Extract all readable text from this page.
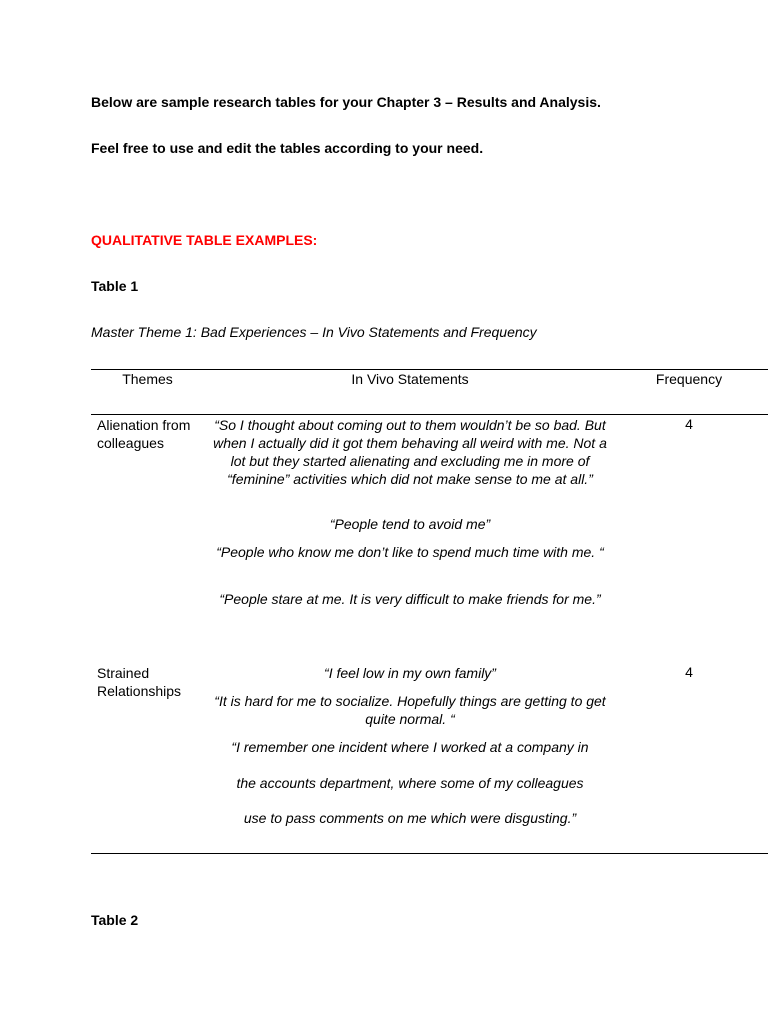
Below are sample research tables for your Chapter 3 – Results and Analysis.

Feel free to use and edit the tables according to your need.

QUALITATIVE TABLE EXAMPLES:

Table 1

Master Theme 1: Bad Experiences – In Vivo Statements and Frequency

Themes	In Vivo Statements	Frequency
Alienation from colleagues
“So I thought about coming out to them wouldn’t be so bad. But when I actually did it got them behaving all weird with me. Not a lot but they started alienating and excluding me in more of “feminine” activities which did not make sense to me at all.”
“People tend to avoid me”
“People who know me don’t like to spend much time with me. “
“People stare at me. It is very difficult to make friends for me.”
4
Strained Relationships
“I feel low in my own family”
“It is hard for me to socialize. Hopefully things are getting to get quite normal. “
“I remember one incident where I worked at a company in
the accounts department, where some of my colleagues
use to pass comments on me which were disgusting.”
4

Table 2
